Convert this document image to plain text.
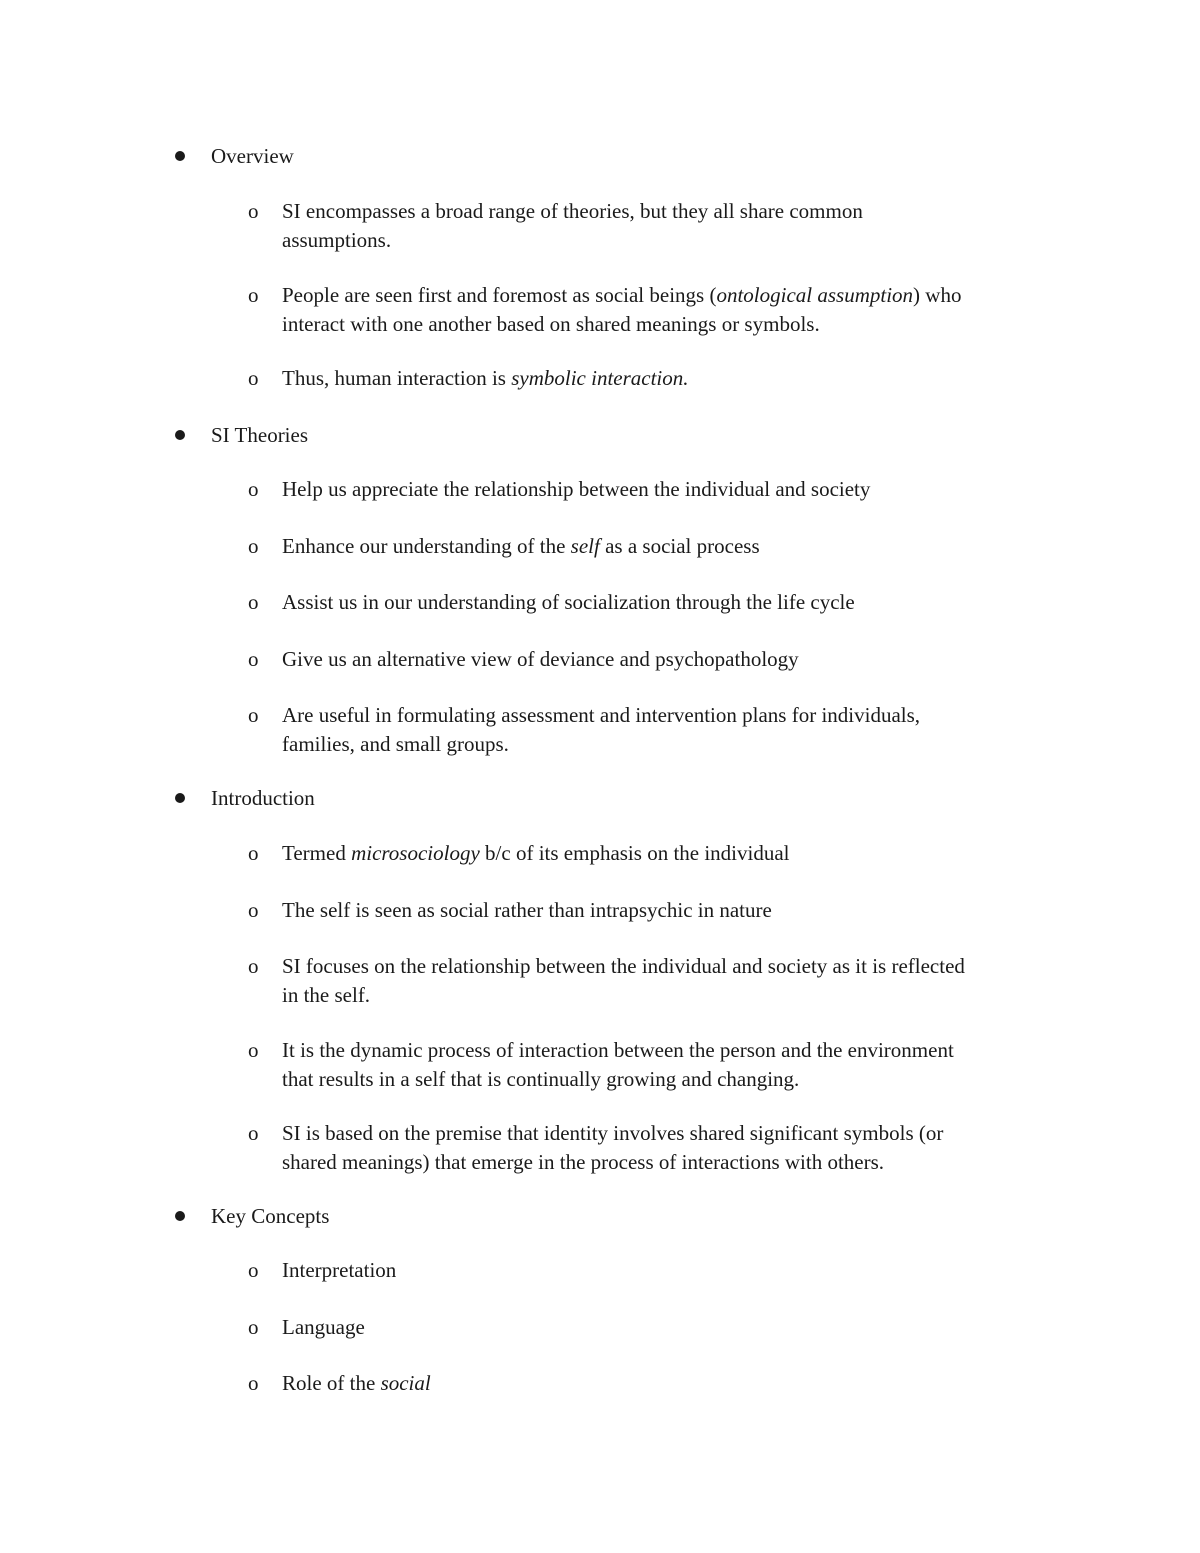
Overview
o SI encompasses a broad range of theories, but they all share common
assumptions.
o People are seen first and foremost as social beings (ontological assumption) who
interact with one another based on shared meanings or symbols.
o Thus, human interaction is symbolic interaction.
SI Theories
o Help us appreciate the relationship between the individual and society
o Enhance our understanding of the self as a social process
o Assist us in our understanding of socialization through the life cycle
o Give us an alternative view of deviance and psychopathology
o Are useful in formulating assessment and intervention plans for individuals,
families, and small groups.
Introduction
o Termed microsociology b/c of its emphasis on the individual
o The self is seen as social rather than intrapsychic in nature
o SI focuses on the relationship between the individual and society as it is reflected
in the self.
o It is the dynamic process of interaction between the person and the environment
that results in a self that is continually growing and changing.
o SI is based on the premise that identity involves shared significant symbols (or
shared meanings) that emerge in the process of interactions with others.
Key Concepts
o Interpretation
o Language
o Role of the social
